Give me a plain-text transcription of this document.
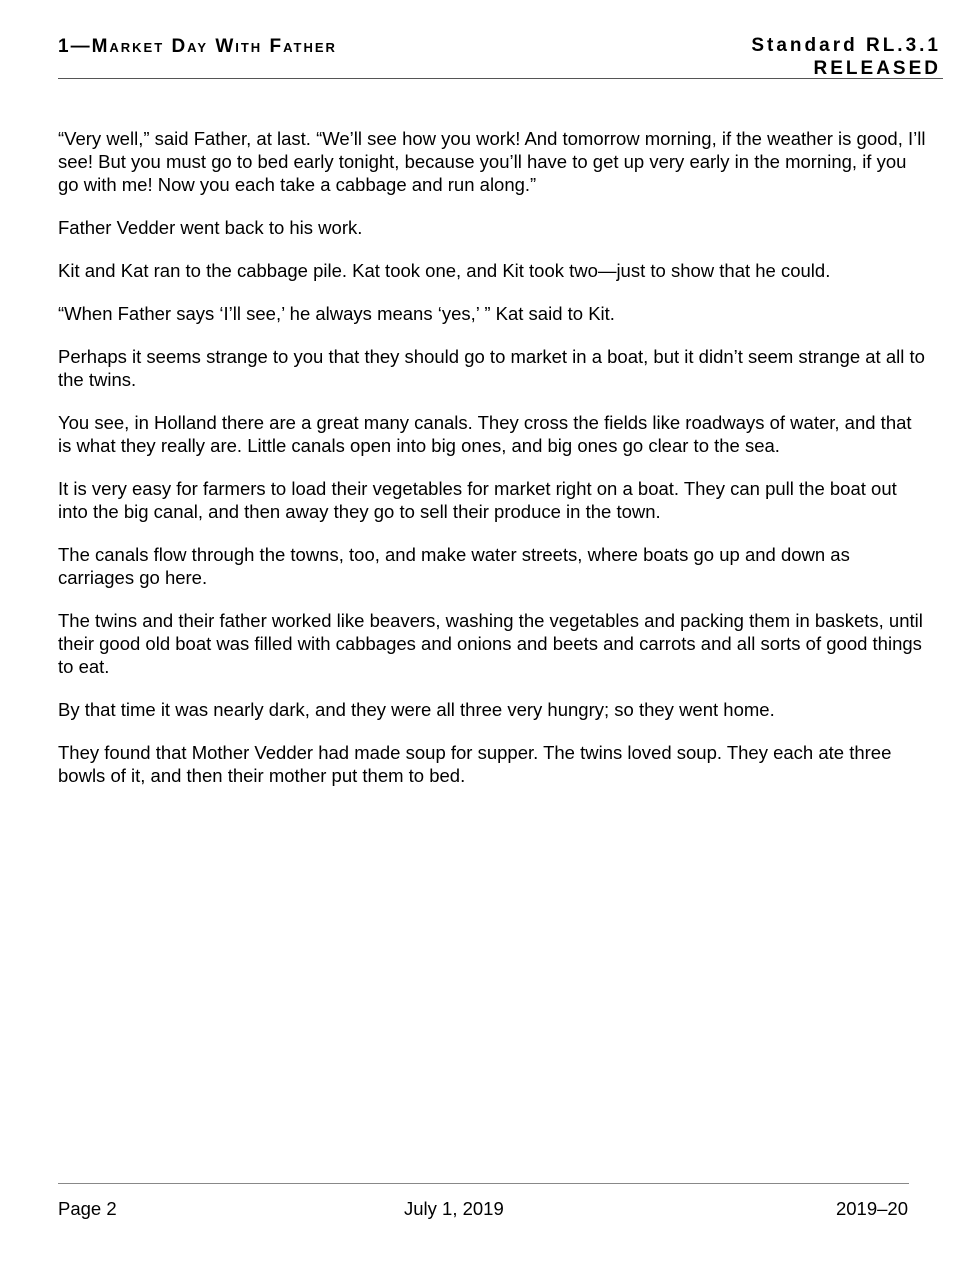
1—Market Day With Father	Standard RL.3.1
RELEASED

“Very well,” said Father, at last. “We’ll see how you work! And tomorrow morning, if the weather is good, I’ll see! But you must go to bed early tonight, because you’ll have to get up very early in the morning, if you go with me! Now you each take a cabbage and run along.”

Father Vedder went back to his work.

Kit and Kat ran to the cabbage pile. Kat took one, and Kit took two—just to show that he could.

“When Father says ‘I’ll see,’ he always means ‘yes,’ ” Kat said to Kit.

Perhaps it seems strange to you that they should go to market in a boat, but it didn’t seem strange at all to the twins.

You see, in Holland there are a great many canals. They cross the fields like roadways of water, and that is what they really are. Little canals open into big ones, and big ones go clear to the sea.

It is very easy for farmers to load their vegetables for market right on a boat. They can pull the boat out into the big canal, and then away they go to sell their produce in the town.

The canals flow through the towns, too, and make water streets, where boats go up and down as carriages go here.

The twins and their father worked like beavers, washing the vegetables and packing them in baskets, until their good old boat was filled with cabbages and onions and beets and carrots and all sorts of good things to eat.

By that time it was nearly dark, and they were all three very hungry; so they went home.

They found that Mother Vedder had made soup for supper. The twins loved soup. They each ate three bowls of it, and then their mother put them to bed.

Page 2	July 1, 2019	2019–20
